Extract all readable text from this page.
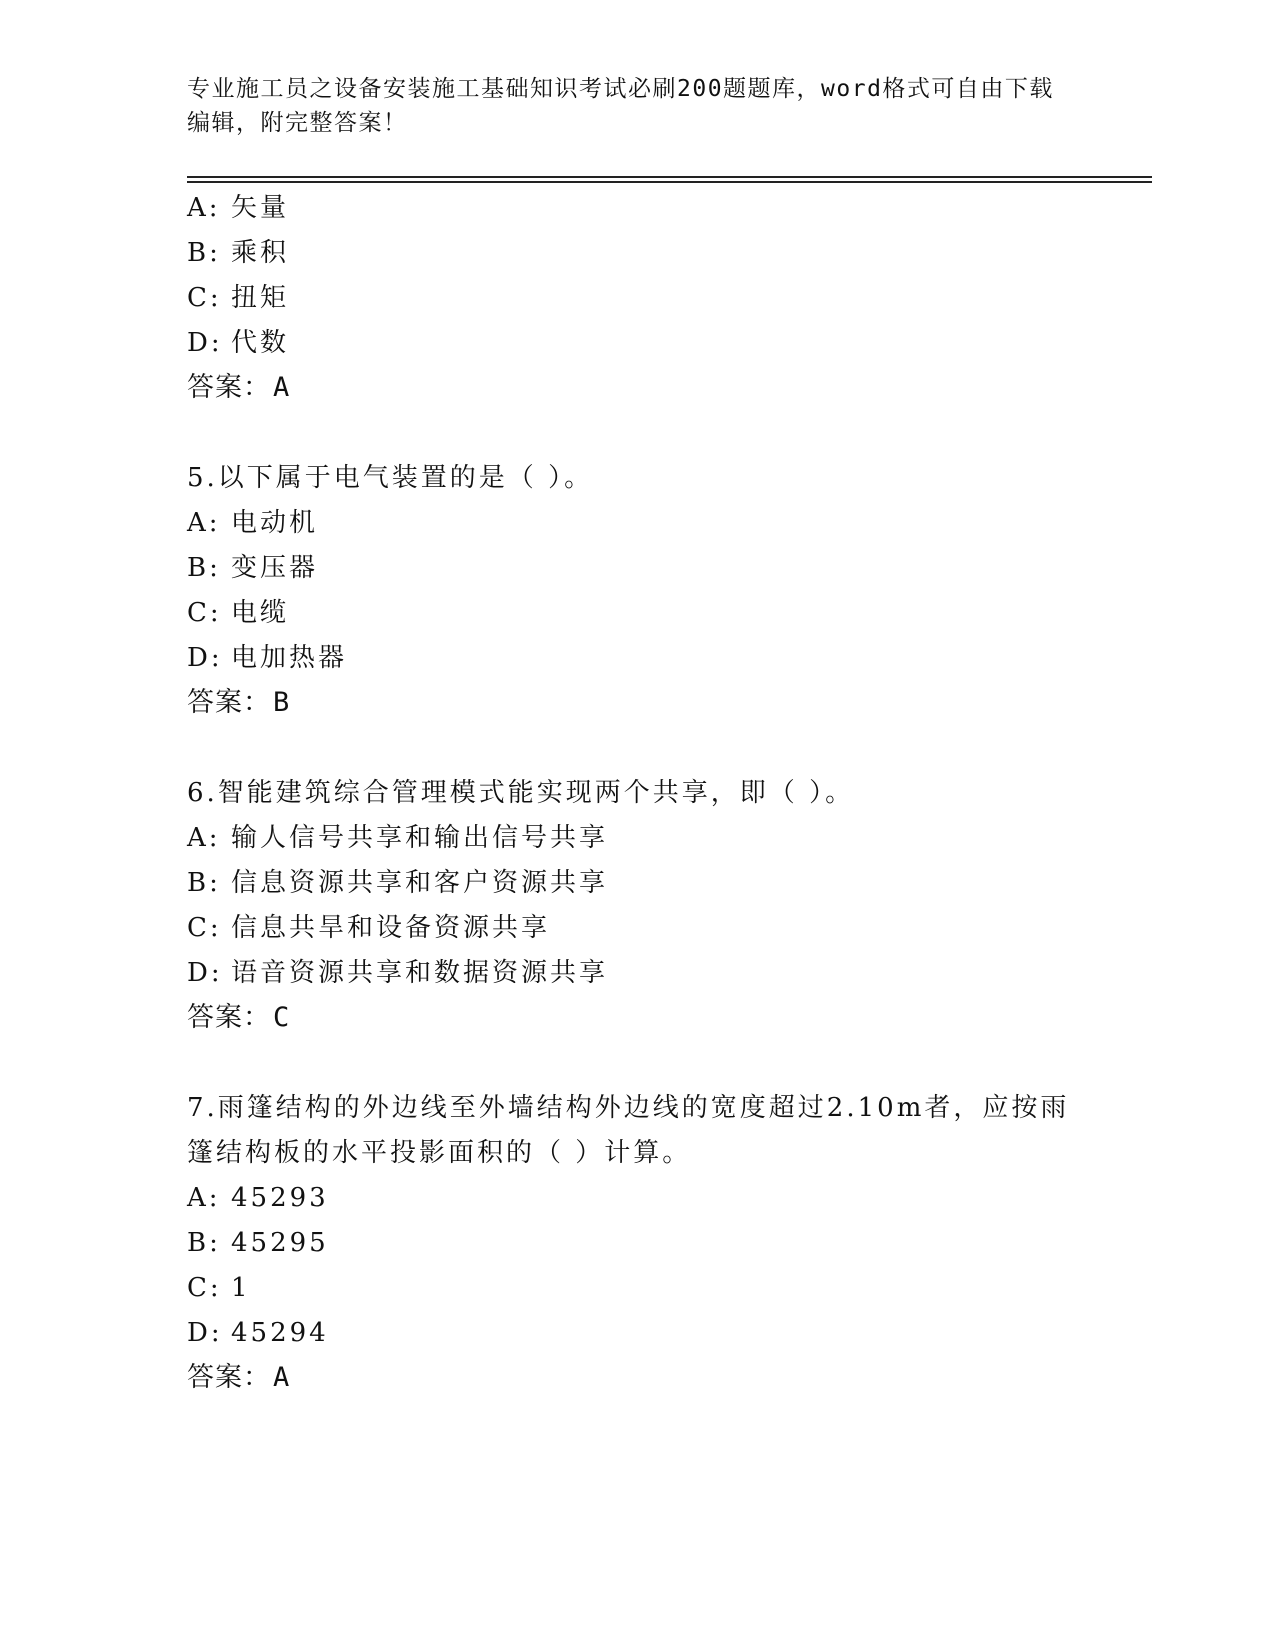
专业施工员之设备安装施工基础知识考试必刷200题题库，word格式可自由下载
编辑，附完整答案！
A: 矢量
B: 乘积
C: 扭矩
D: 代数
答案：A
5.以下属于电气装置的是（ ）。
A: 电动机
B: 变压器
C: 电缆
D: 电加热器
答案：B
6.智能建筑综合管理模式能实现两个共享，即（ ）。
A: 输人信号共享和输出信号共享
B: 信息资源共享和客户资源共享
C: 信息共旱和设备资源共享
D: 语音资源共享和数据资源共享
答案：C
7.雨篷结构的外边线至外墙结构外边线的宽度超过2.10m者，应按雨
篷结构板的水平投影面积的（ ）计算。
A: 45293
B: 45295
C: 1
D: 45294
答案：A
